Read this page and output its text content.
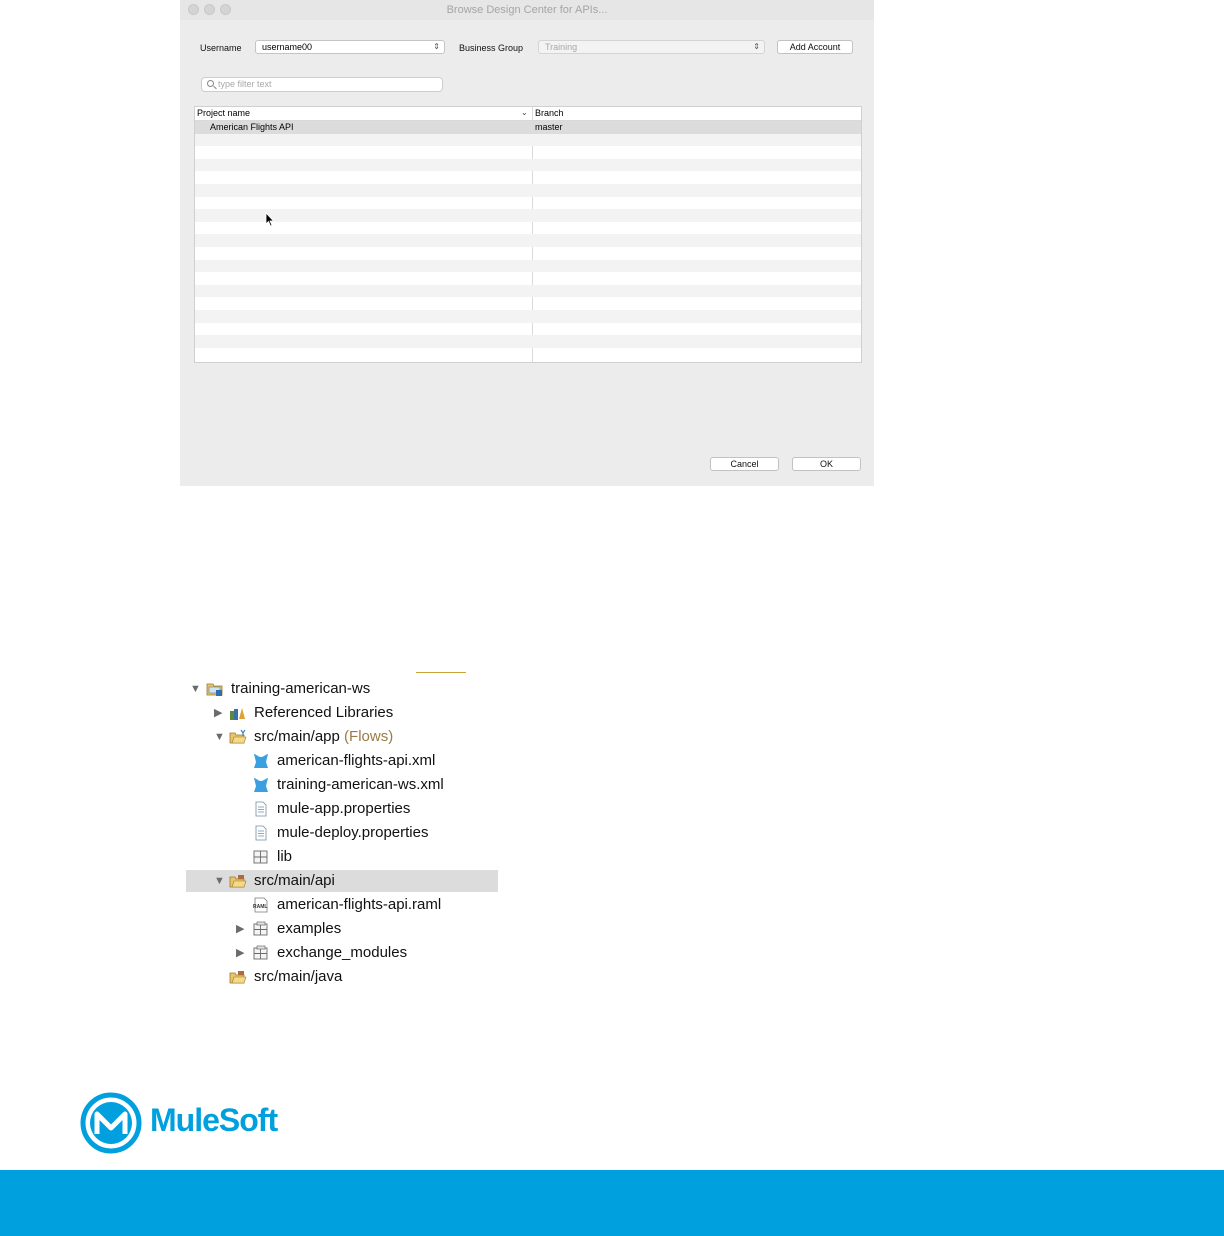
Browse Design Center for APIs...
Username	username00	⇕ Business Group	Training	⇕	Add Account
type filter text
Project name	⌄ Branch
American Flights API	master
Cancel	OK
▼ training-american-ws
▶ Referenced Libraries
▼ src/main/app (Flows)
american-flights-api.xml
training-american-ws.xml
mule-app.properties
mule-deploy.properties
lib
▼ src/main/api
RAML american-flights-api.raml
▶ examples
▶ exchange_modules
src/main/java
MuleSoft
